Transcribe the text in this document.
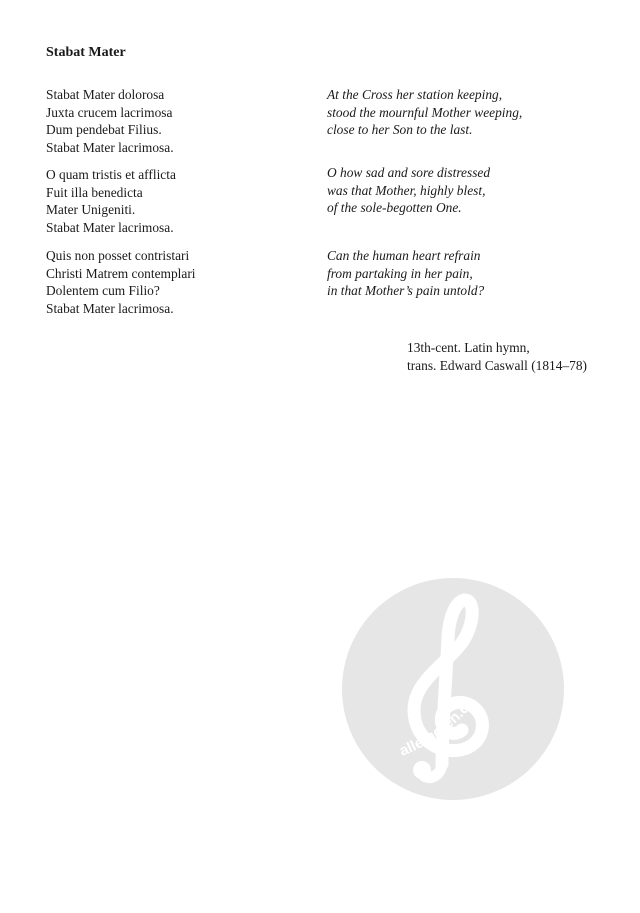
Stabat Mater

Stabat Mater dolorosa
Juxta crucem lacrimosa
Dum pendebat Filius.
Stabat Mater lacrimosa.

O quam tristis et afflicta
Fuit illa benedicta
Mater Unigeniti.
Stabat Mater lacrimosa.

Quis non posset contristari
Christi Matrem contemplari
Dolentem cum Filio?
Stabat Mater lacrimosa.

At the Cross her station keeping,
stood the mournful Mother weeping,
close to her Son to the last.

O how sad and sore distressed
was that Mother, highly blest,
of the sole-begotten One.

Can the human heart refrain
from partaking in her pain,
in that Mother’s pain untold?

13th-cent. Latin hymn,
trans. Edward Caswall (1814–78)
alle-noten.de
